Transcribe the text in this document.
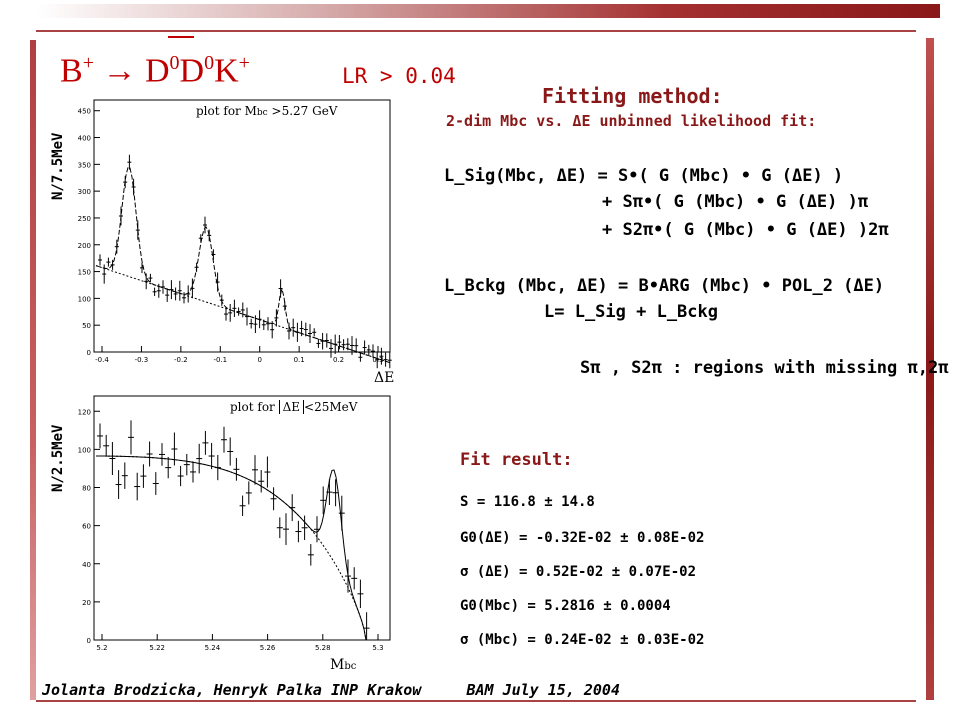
$B^+ \to D^0D^0K^+$
LR > 0.04
N/7.5MeV
plot for Mbc >5.27 GeV
0
50
100
150
200
250
300
350
400
450
-0.4	-0.3	-0.2	-0.1	0	0.1	0.2	0.3
ΔE
N/2.5MeV
plot for ΔE <25MeV
0
20
40
60
80
100
120
5.2	5.22	5.24	5.26	5.28	5.3
Mbc
Fitting method:
2-dim Mbc vs. ΔE unbinned likelihood fit:
L_Sig(Mbc, ΔE) = S•( G (Mbc) • G (ΔE) )
+ Sπ•( G (Mbc) • G (ΔE) )π
+ S2π•( G (Mbc) • G (ΔE) )2π
L_Bckg (Mbc, ΔE) = B•ARG (Mbc) • POL_2 (ΔE)
L= L_Sig + L_Bckg
Sπ , S2π : regions with missing π,2π
Fit result:
S = 116.8 ± 14.8
G0(ΔE) = -0.32E-02 ± 0.08E-02
σ (ΔE) = 0.52E-02 ± 0.07E-02
G0(Mbc) = 5.2816 ± 0.0004
σ (Mbc) = 0.24E-02 ± 0.03E-02
Jolanta Brodzicka, Henryk Palka INP Krakow	BAM July 15, 2004
